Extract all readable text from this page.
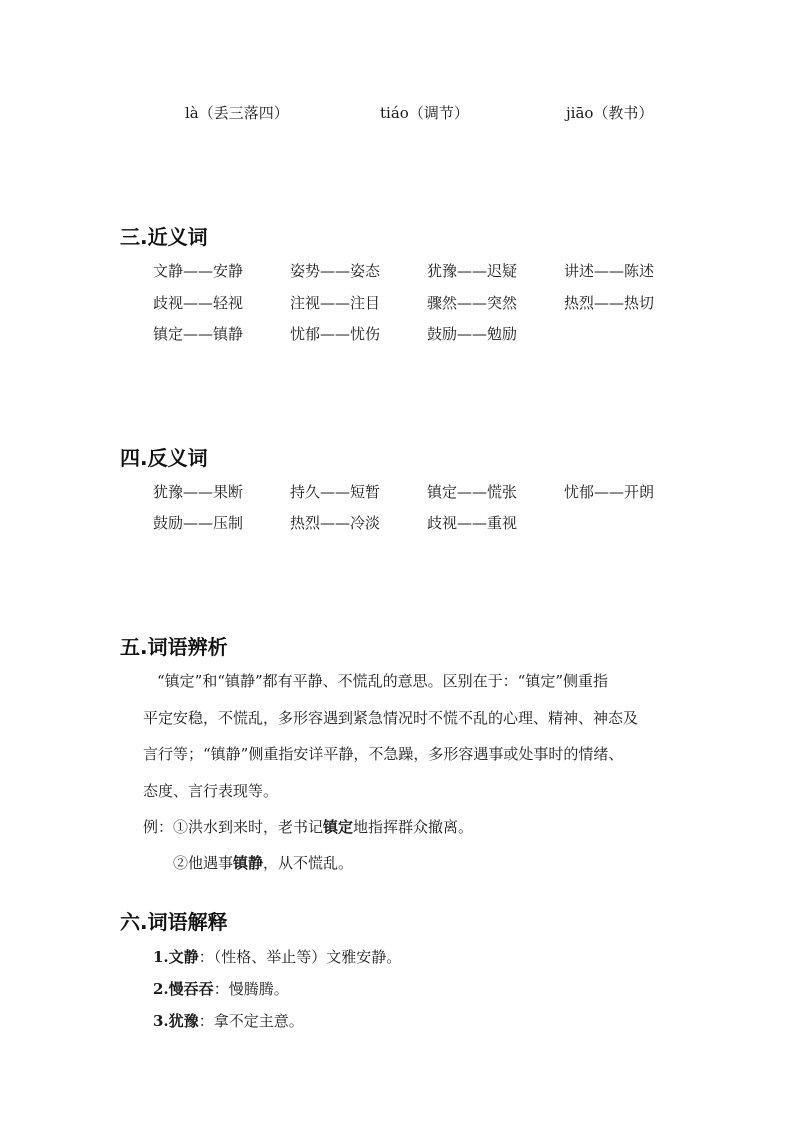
là（丢三落四）	tiáo（调节）	jiāo（教书）
三.近义词
文静——安静	姿势——姿态	犹豫——迟疑	讲述——陈述
歧视——轻视	注视——注目	骤然——突然	热烈——热切
镇定——镇静	忧郁——忧伤	鼓励——勉励
四.反义词
犹豫——果断	持久——短暂	镇定——慌张	忧郁——开朗
鼓励——压制	热烈——冷淡	歧视——重视
五.词语辨析
“镇定”和“镇静”都有平静、不慌乱的意思。区别在于：“镇定”侧重指
平定安稳，不慌乱，多形容遇到紧急情况时不慌不乱的心理、精神、神态及
言行等；“镇静”侧重指安详平静，不急躁，多形容遇事或处事时的情绪、
态度、言行表现等。
例：①洪水到来时，老书记镇定地指挥群众撤离。
②他遇事镇静，从不慌乱。
六.词语解释
1.文静：（性格、举止等）文雅安静。
2.慢吞吞：慢腾腾。
3.犹豫：拿不定主意。
